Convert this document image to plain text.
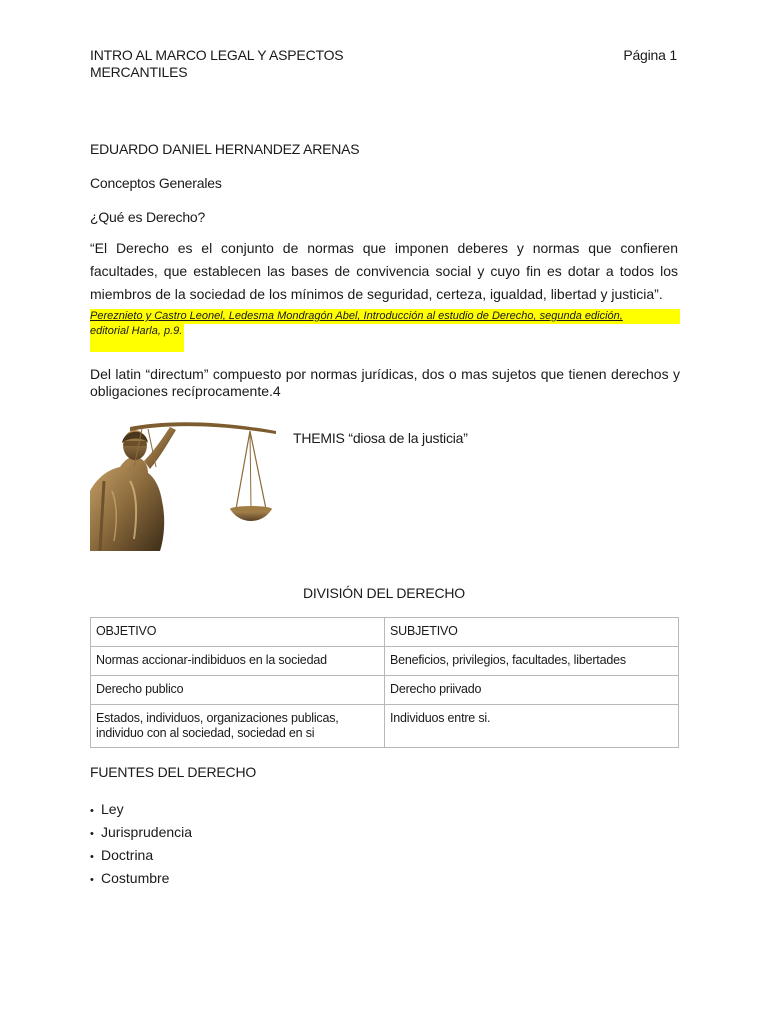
INTRO AL MARCO LEGAL Y ASPECTOS
MERCANTILES
Página 1
EDUARDO DANIEL HERNANDEZ ARENAS
Conceptos Generales
¿Qué es Derecho?
“El Derecho es el conjunto de normas que imponen deberes y normas que confieren facultades, que establecen las bases de convivencia social y cuyo fin es dotar a todos los miembros de la sociedad de los mínimos de seguridad, certeza, igualdad, libertad y justicia”.
Pereznieto y Castro Leonel, Ledesma Mondragón Abel, Introducción al estudio de Derecho, segunda edición,
editorial Harla, p.9.
Del latin “directum” compuesto por normas jurídicas, dos o mas sujetos que tienen derechos y obligaciones recíprocamente.4
THEMIS “diosa de la justicia”
DIVISIÓN DEL DERECHO
OBJETIVO	SUBJETIVO
Normas accionar-indibiduos en la sociedad	Beneficios, privilegios, facultades, libertades
Derecho publico	Derecho priivado
Estados, individuos, organizaciones publicas, individuo con al sociedad, sociedad en si	Individuos entre si.
FUENTES DEL DERECHO
• Ley
• Jurisprudencia
• Doctrina
• Costumbre
